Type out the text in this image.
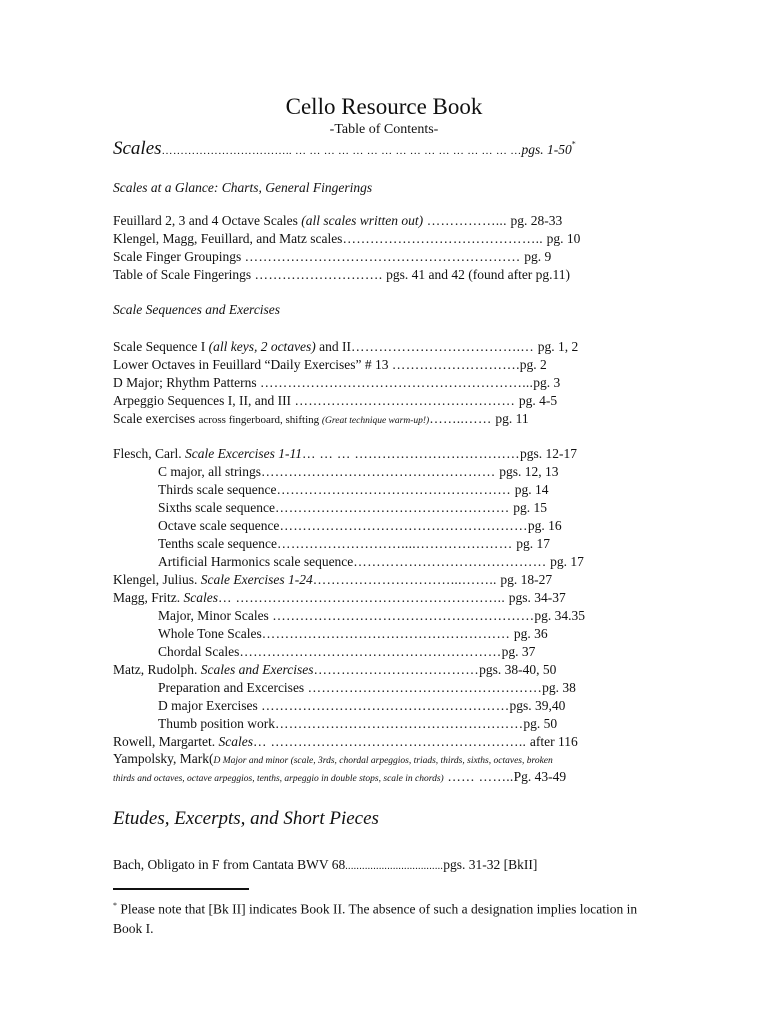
Cello Resource Book
-Table of Contents-
Scales…………………………….. … … … … … … … … … … … … … … … …pgs. 1-50*
Scales at a Glance: Charts, General Fingerings
Feuillard 2, 3 and 4 Octave Scales (all scales written out) ……………... pg. 28-33
Klengel, Magg, Feuillard, and Matz scales…………………………………….. pg. 10
Scale Finger Groupings …………………………………………………… pg. 9
Table of Scale Fingerings ………………………. pgs. 41 and 42 (found after pg.11)
Scale Sequences and Exercises
Scale Sequence I (all keys, 2 octaves) and II……………………………….… pg. 1, 2
Lower Octaves in Feuillard “Daily Exercises” # 13 ……………………….pg. 2
D Major; Rhythm Patterns …………………………………………………...pg. 3
Arpeggio Sequences I, II, and III ………………………………………… pg. 4-5
Scale exercises across fingerboard, shifting (Great technique warm-up!)……..…… pg. 11
Flesch, Carl. Scale Excercises 1-11… … … ………………………………pgs. 12-17
C major, all strings…………………………………………… pgs. 12, 13
Thirds scale sequence…………………………………………… pg. 14
Sixths scale sequence…………………………………………… pg. 15
Octave scale sequence………………………………………………pg. 16
Tenths scale sequence………………………....………………… pg. 17
Artificial Harmonics scale sequence…………………………………… pg. 17
Klengel, Julius. Scale Exercises 1-24…………………………...…….. pg. 18-27
Magg, Fritz. Scales… ………………………………………………….. pgs. 34-37
Major, Minor Scales …………………………………………………pg. 34.35
Whole Tone Scales……………………………………………… pg. 36
Chordal Scales…………………………………………………pg. 37
Matz, Rudolph. Scales and Exercises………………………………pgs. 38-40, 50
Preparation and Excercises ……………………………………………pg. 38
D major Exercises ………………………………………………pgs. 39,40
Thumb position work………………………………………………pg. 50
Rowell, Margartet. Scales… ……………………………………………….. after 116
Yampolsky, Mark(D Major and minor (scale, 3rds, chordal arpeggios, triads, thirds, sixths, octaves, broken
thirds and octaves, octave arpeggios, tenths, arpeggio in double stops, scale in chords) …… ……..Pg. 43-49
Etudes, Excerpts, and Short Pieces
Bach, Obligato in F from Cantata BWV 68...................................pgs. 31-32 [BkII]
* Please note that [Bk II] indicates Book II. The absence of such a designation implies location in Book I.
